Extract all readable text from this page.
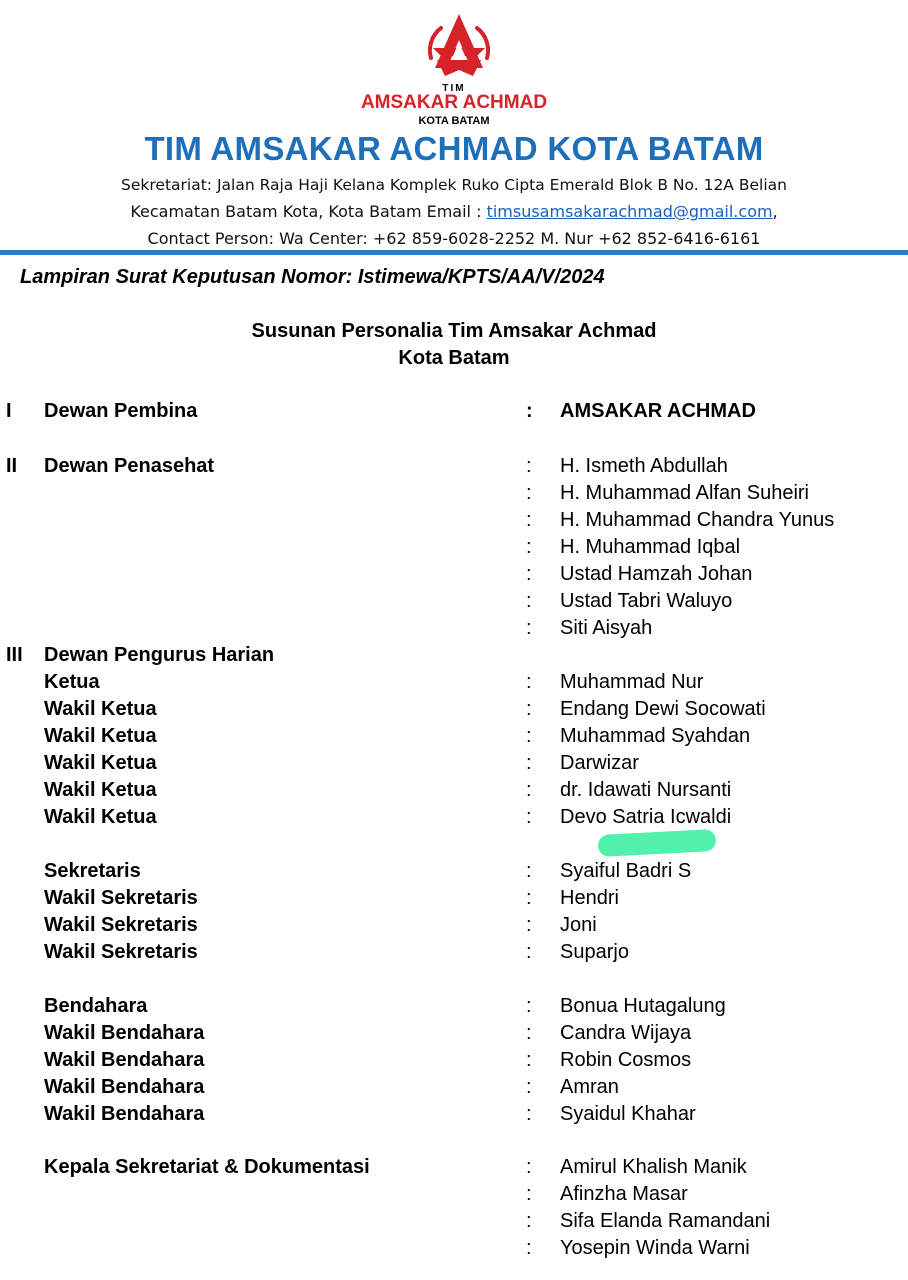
TIM
AMSAKAR ACHMAD
KOTA BATAM
TIM AMSAKAR ACHMAD KOTA BATAM
Sekretariat: Jalan Raja Haji Kelana Komplek Ruko Cipta Emerald Blok B No. 12A Belian
Kecamatan Batam Kota, Kota Batam Email : timsusamsakarachmad@gmail.com,
Contact Person: Wa Center: +62 859-6028-2252 M. Nur +62 852-6416-6161
Lampiran Surat Keputusan Nomor: Istimewa/KPTS/AA/V/2024
Susunan Personalia Tim Amsakar Achmad
Kota Batam
I	Dewan Pembina	: AMSAKAR ACHMAD
II	Dewan Penasehat	: H. Ismeth Abdullah
: H. Muhammad Alfan Suheiri
: H. Muhammad Chandra Yunus
: H. Muhammad Iqbal
: Ustad Hamzah Johan
: Ustad Tabri Waluyo
: Siti Aisyah
III	Dewan Pengurus Harian
Ketua	: Muhammad Nur
Wakil Ketua	: Endang Dewi Socowati
Wakil Ketua	: Muhammad Syahdan
Wakil Ketua	: Darwizar
Wakil Ketua	: dr. Idawati Nursanti
Wakil Ketua	: Devo Satria Icwaldi
Sekretaris	: Syaiful Badri S
Wakil Sekretaris	: Hendri
Wakil Sekretaris	: Joni
Wakil Sekretaris	: Suparjo
Bendahara	: Bonua Hutagalung
Wakil Bendahara	: Candra Wijaya
Wakil Bendahara	: Robin Cosmos
Wakil Bendahara	: Amran
Wakil Bendahara	: Syaidul Khahar
Kepala Sekretariat & Dokumentasi	: Amirul Khalish Manik
: Afinzha Masar
: Sifa Elanda Ramandani
: Yosepin Winda Warni
